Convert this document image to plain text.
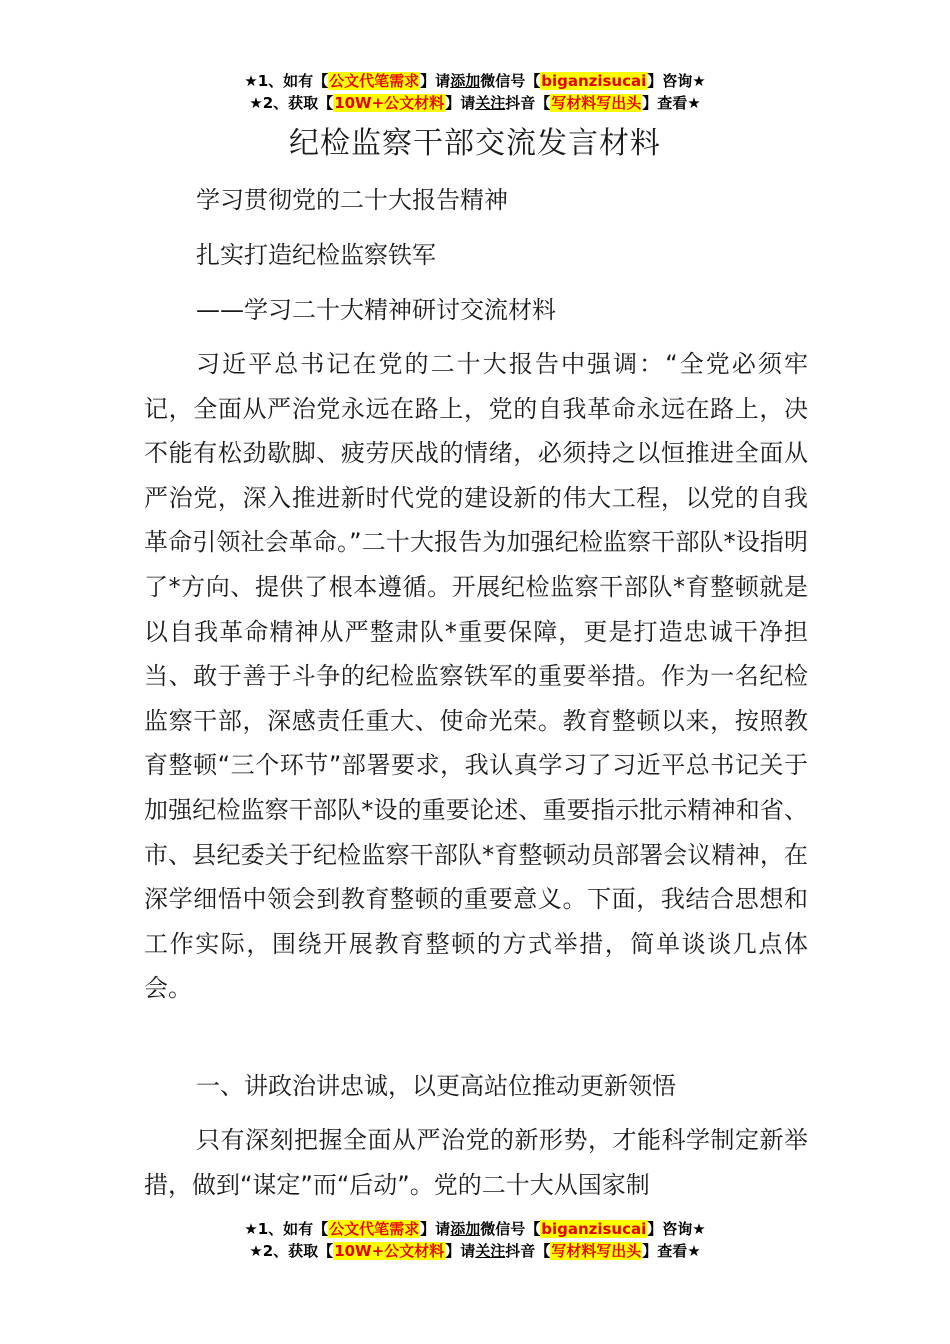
★1、如有【公文代笔需求】请添加微信号【biganzisucai】咨询★
★2、获取【10W+公文材料】请关注抖音【写材料写出头】查看★
纪检监察干部交流发言材料
学习贯彻党的二十大报告精神
扎实打造纪检监察铁军
——学习二十大精神研讨交流材料

习近平总书记在党的二十大报告中强调：“全党必须牢记，全面从严治党永远在路上，党的自我革命永远在路上，决不能有松劲歇脚、疲劳厌战的情绪，必须持之以恒推进全面从严治党，深入推进新时代党的建设新的伟大工程，以党的自我革命引领社会革命。”二十大报告为加强纪检监察干部队*设指明了*方向、提供了根本遵循。开展纪检监察干部队*育整顿就是以自我革命精神从严整肃队*重要保障，更是打造忠诚干净担当、敢于善于斗争的纪检监察铁军的重要举措。作为一名纪检监察干部，深感责任重大、使命光荣。教育整顿以来，按照教育整顿“三个环节”部署要求，我认真学习了习近平总书记关于加强纪检监察干部队*设的重要论述、重要指示批示精神和省、市、县纪委关于纪检监察干部队*育整顿动员部署会议精神，在深学细悟中领会到教育整顿的重要意义。下面，我结合思想和工作实际，围绕开展教育整顿的方式举措，简单谈谈几点体会。

一、讲政治讲忠诚，以更高站位推动更新领悟

只有深刻把握全面从严治党的新形势，才能科学制定新举措，做到“谋定”而“后动”。党的二十大从国家制

★1、如有【公文代笔需求】请添加微信号【biganzisucai】咨询★
★2、获取【10W+公文材料】请关注抖音【写材料写出头】查看★
